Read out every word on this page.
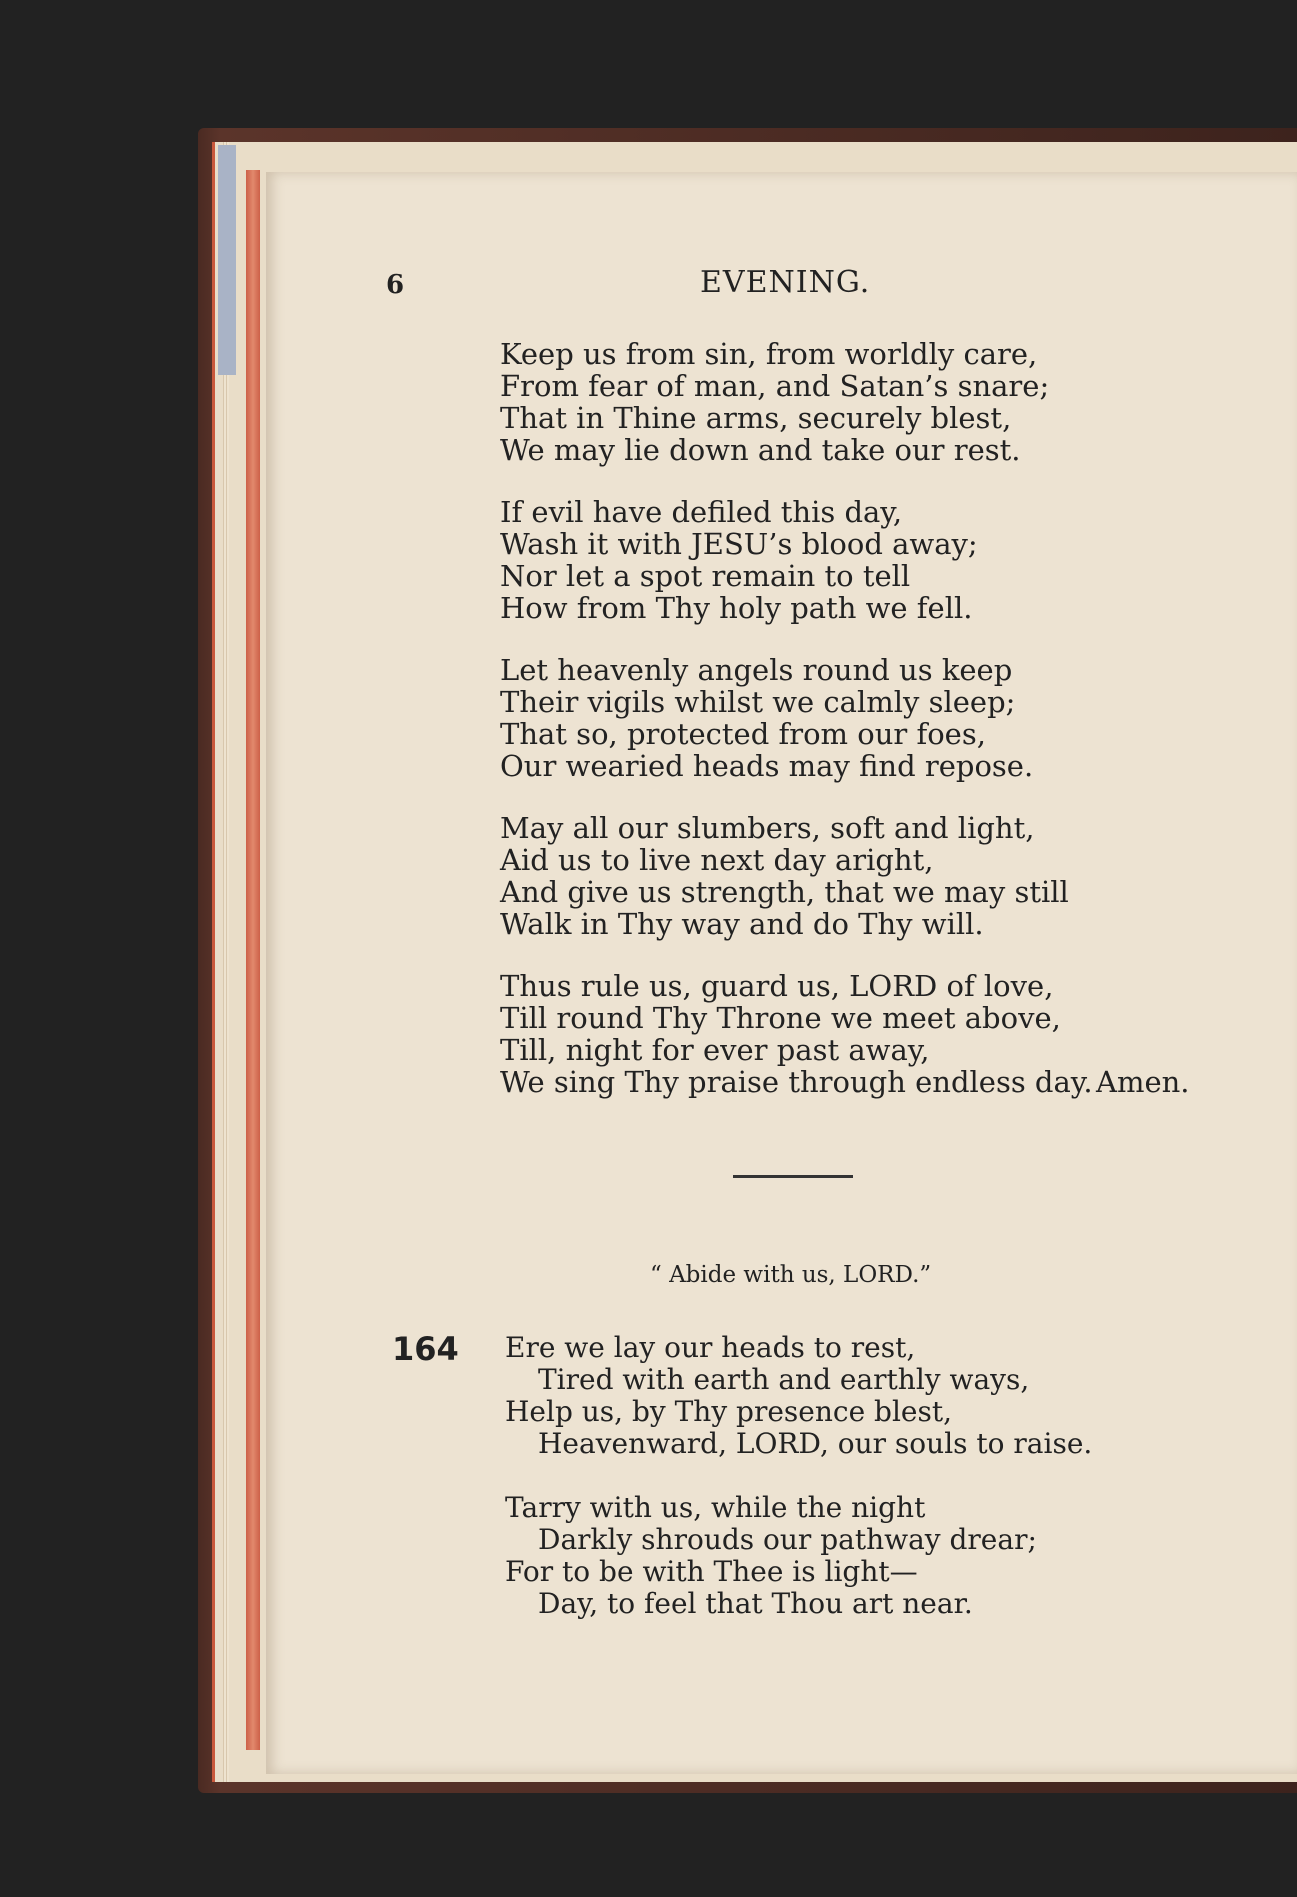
6	EVENING.
Keep us from sin, from worldly care,
From fear of man, and Satan’s snare;
That in Thine arms, securely blest,
We may lie down and take our rest.
If evil have defiled this day,
Wash it with JESU’s blood away;
Nor let a spot remain to tell
How from Thy holy path we fell.
Let heavenly angels round us keep
Their vigils whilst we calmly sleep;
That so, protected from our foes,
Our wearied heads may find repose.
May all our slumbers, soft and light,
Aid us to live next day aright,
And give us strength, that we may still
Walk in Thy way and do Thy will.
Thus rule us, guard us, LORD of love,
Till round Thy Throne we meet above,
Till, night for ever past away,
We sing Thy praise through endless day. Amen.
“ Abide with us, LORD.”
164 Ere we lay our heads to rest,
Tired with earth and earthly ways,
Help us, by Thy presence blest,
Heavenward, LORD, our souls to raise.
Tarry with us, while the night
Darkly shrouds our pathway drear;
For to be with Thee is light—
Day, to feel that Thou art near.
